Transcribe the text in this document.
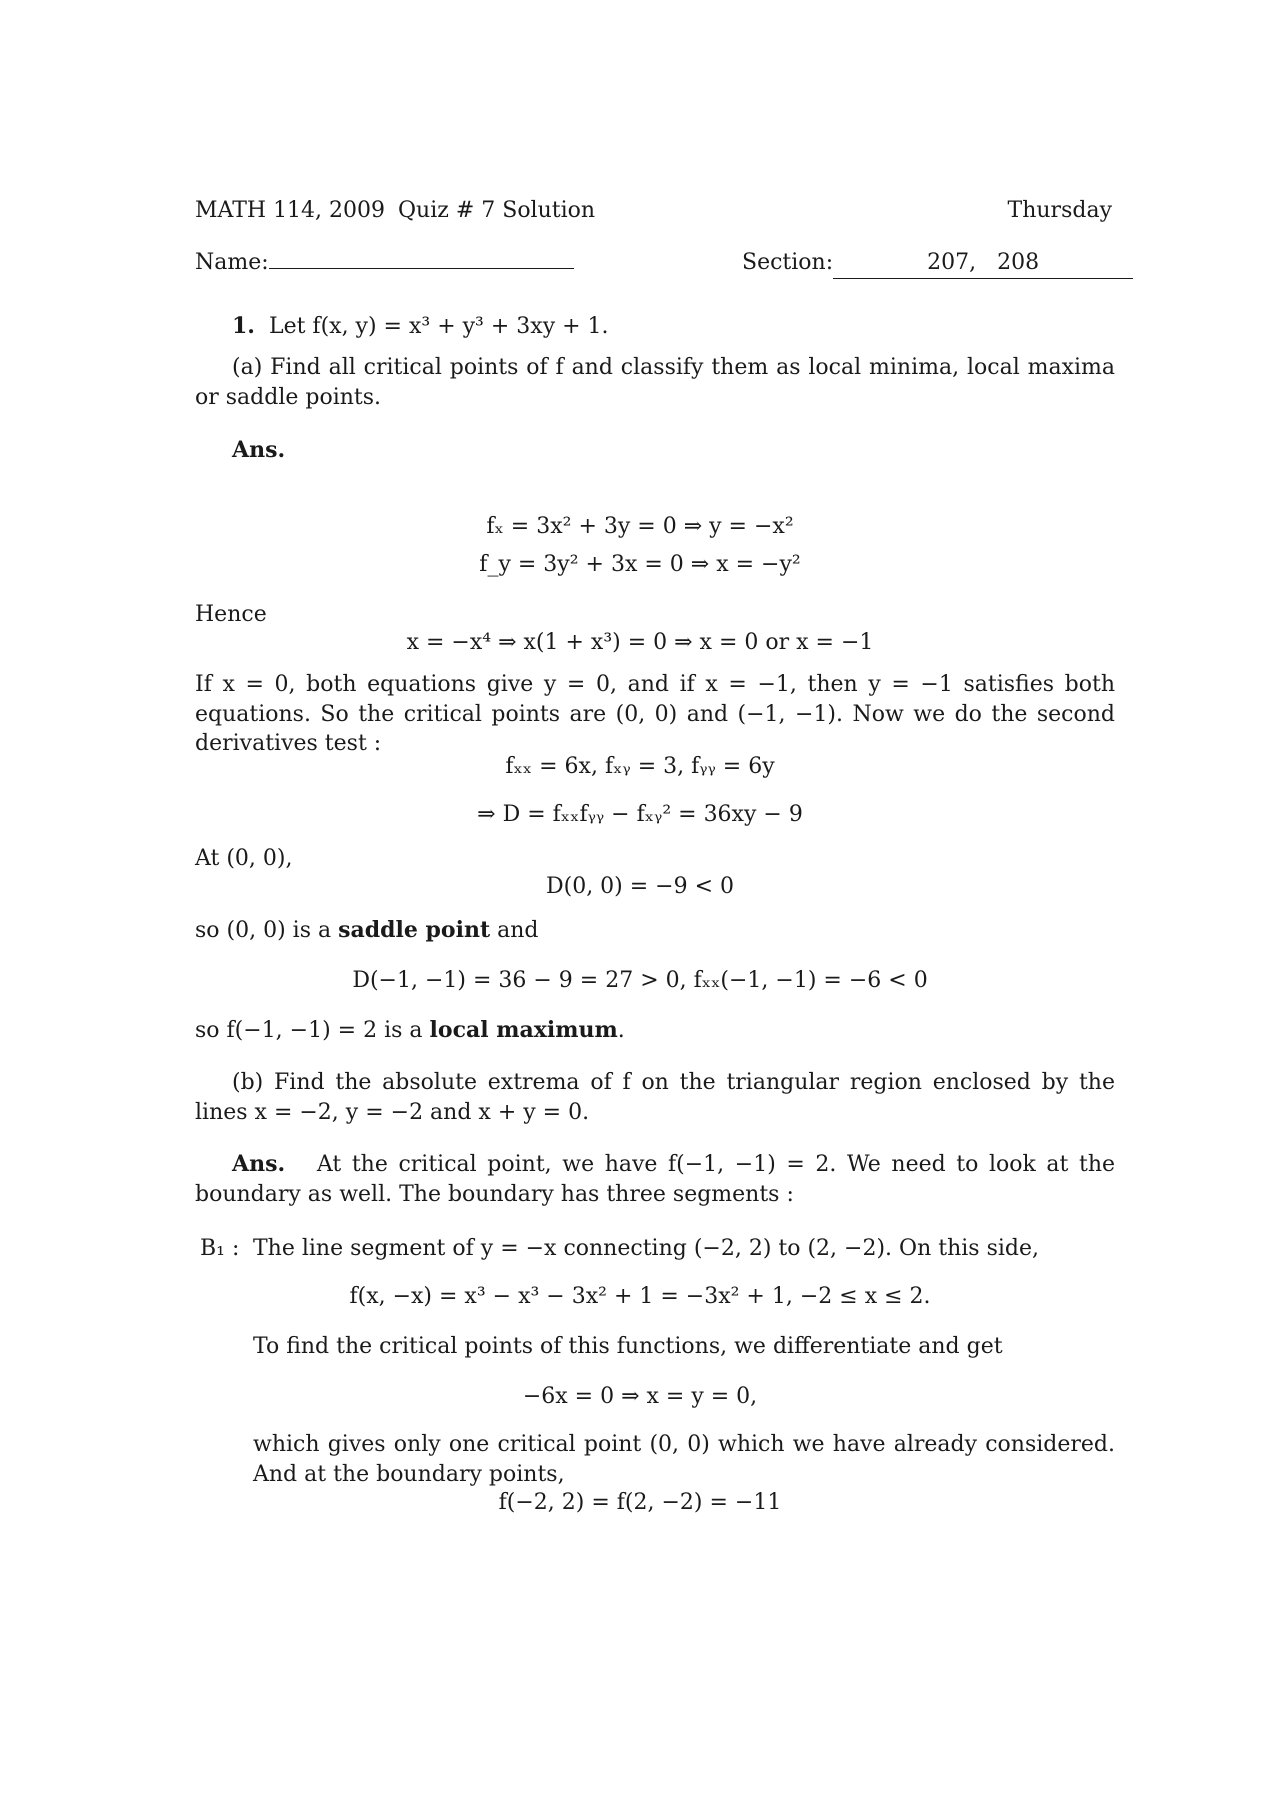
MATH 114, 2009 Quiz # 7 Solution	Thursday
Name:	Section:	207,   208
1. Let f(x, y) = x³ + y³ + 3xy + 1.
(a) Find all critical points of f and classify them as local minima, local maxima or saddle points.
Ans.
fₓ = 3x² + 3y = 0 ⇒ y = −x²
f_y = 3y² + 3x = 0 ⇒ x = −y²
Hence
x = −x⁴ ⇒ x(1 + x³) = 0 ⇒ x = 0 or x = −1
If x = 0, both equations give y = 0, and if x = −1, then y = −1 satisfies both equations. So the critical points are (0, 0) and (−1, −1). Now we do the second derivatives test :
fₓₓ = 6x, fₓᵧ = 3, fᵧᵧ = 6y
⇒ D = fₓₓfᵧᵧ − fₓᵧ² = 36xy − 9
At (0, 0),
D(0, 0) = −9 < 0
so (0, 0) is a saddle point and
D(−1, −1) = 36 − 9 = 27 > 0, fₓₓ(−1, −1) = −6 < 0
so f(−1, −1) = 2 is a local maximum.
(b) Find the absolute extrema of f on the triangular region enclosed by the lines x = −2, y = −2 and x + y = 0.
Ans. At the critical point, we have f(−1, −1) = 2. We need to look at the boundary as well. The boundary has three segments :
B₁ : The line segment of y = −x connecting (−2, 2) to (2, −2). On this side,
f(x, −x) = x³ − x³ − 3x² + 1 = −3x² + 1, −2 ≤ x ≤ 2.
To find the critical points of this functions, we differentiate and get
−6x = 0 ⇒ x = y = 0,
which gives only one critical point (0, 0) which we have already considered. And at the boundary points,
f(−2, 2) = f(2, −2) = −11
